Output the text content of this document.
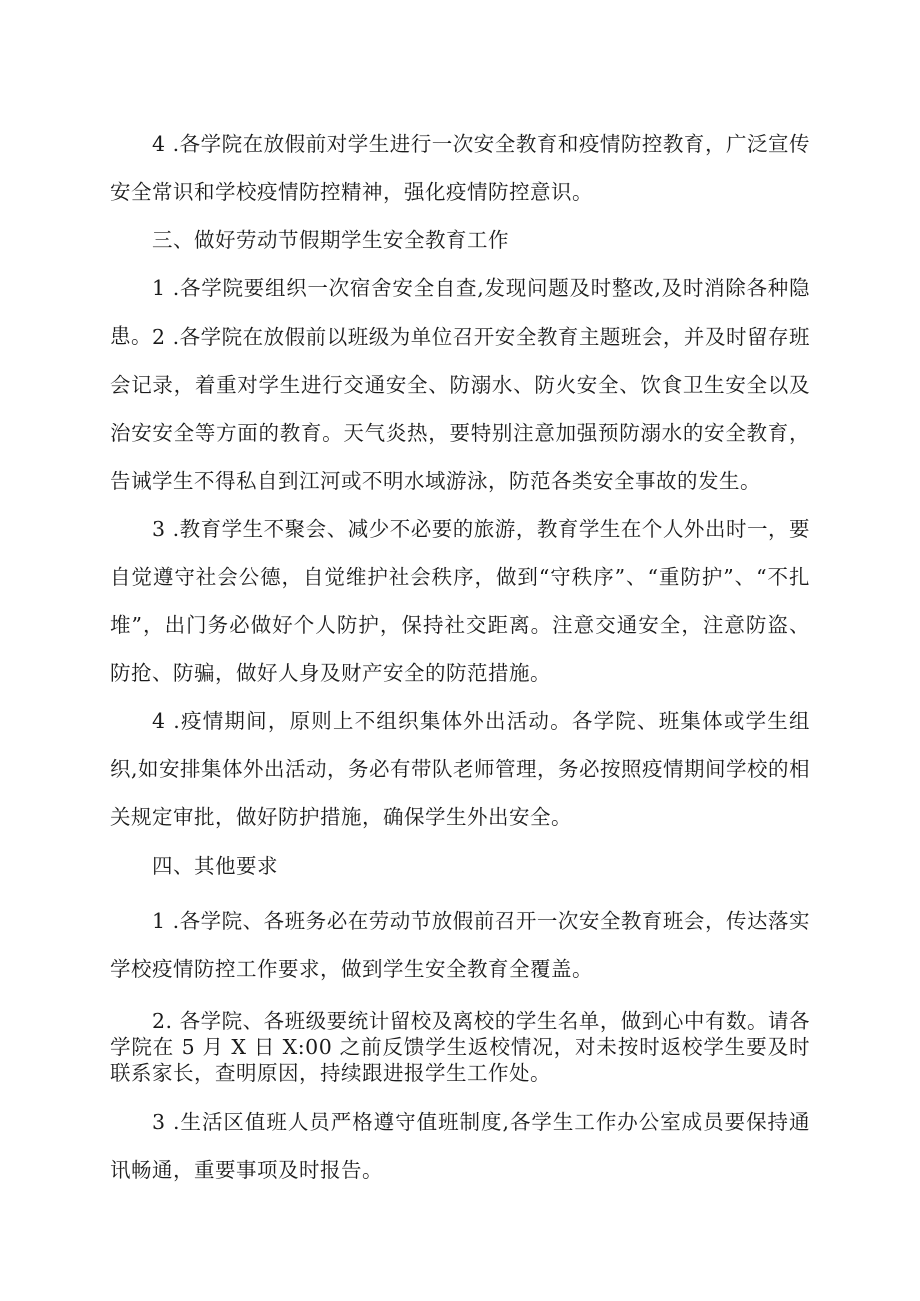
4 .各学院在放假前对学生进行一次安全教育和疫情防控教育，广泛宣传安全常识和学校疫情防控精神，强化疫情防控意识。

三、做好劳动节假期学生安全教育工作

1 .各学院要组织一次宿舍安全自查,发现问题及时整改,及时消除各种隐患。 2 .各学院在放假前以班级为单位召开安全教育主题班会，并及时留存班会记录，着重对学生进行交通安全、防溺水、防火安全、饮食卫生安全以及治安安全等方面的教育。天气炎热，要特别注意加强预防溺水的安全教育，告诫学生不得私自到江河或不明水域游泳，防范各类安全事故的发生。

3 .教育学生不聚会、减少不必要的旅游，教育学生在个人外出时一，要自觉遵守社会公德，自觉维护社会秩序，做到“守秩序”、“重防护”、“不扎堆”，出门务必做好个人防护，保持社交距离。注意交通安全，注意防盗、防抢、防骗，做好人身及财产安全的防范措施。

4 .疫情期间，原则上不组织集体外出活动。各学院、班集体或学生组织,如安排集体外出活动，务必有带队老师管理，务必按照疫情期间学校的相关规定审批，做好防护措施，确保学生外出安全。

四、其他要求

1 .各学院、各班务必在劳动节放假前召开一次安全教育班会，传达落实学校疫情防控工作要求，做到学生安全教育全覆盖。

2. 各学院、各班级要统计留校及离校的学生名单，做到心中有数。请各学院在 5 月 X 日 X:00 之前反馈学生返校情况，对未按时返校学生要及时联系家长，查明原因，持续跟进报学生工作处。

3 .生活区值班人员严格遵守值班制度,各学生工作办公室成员要保持通讯畅通，重要事项及时报告。
